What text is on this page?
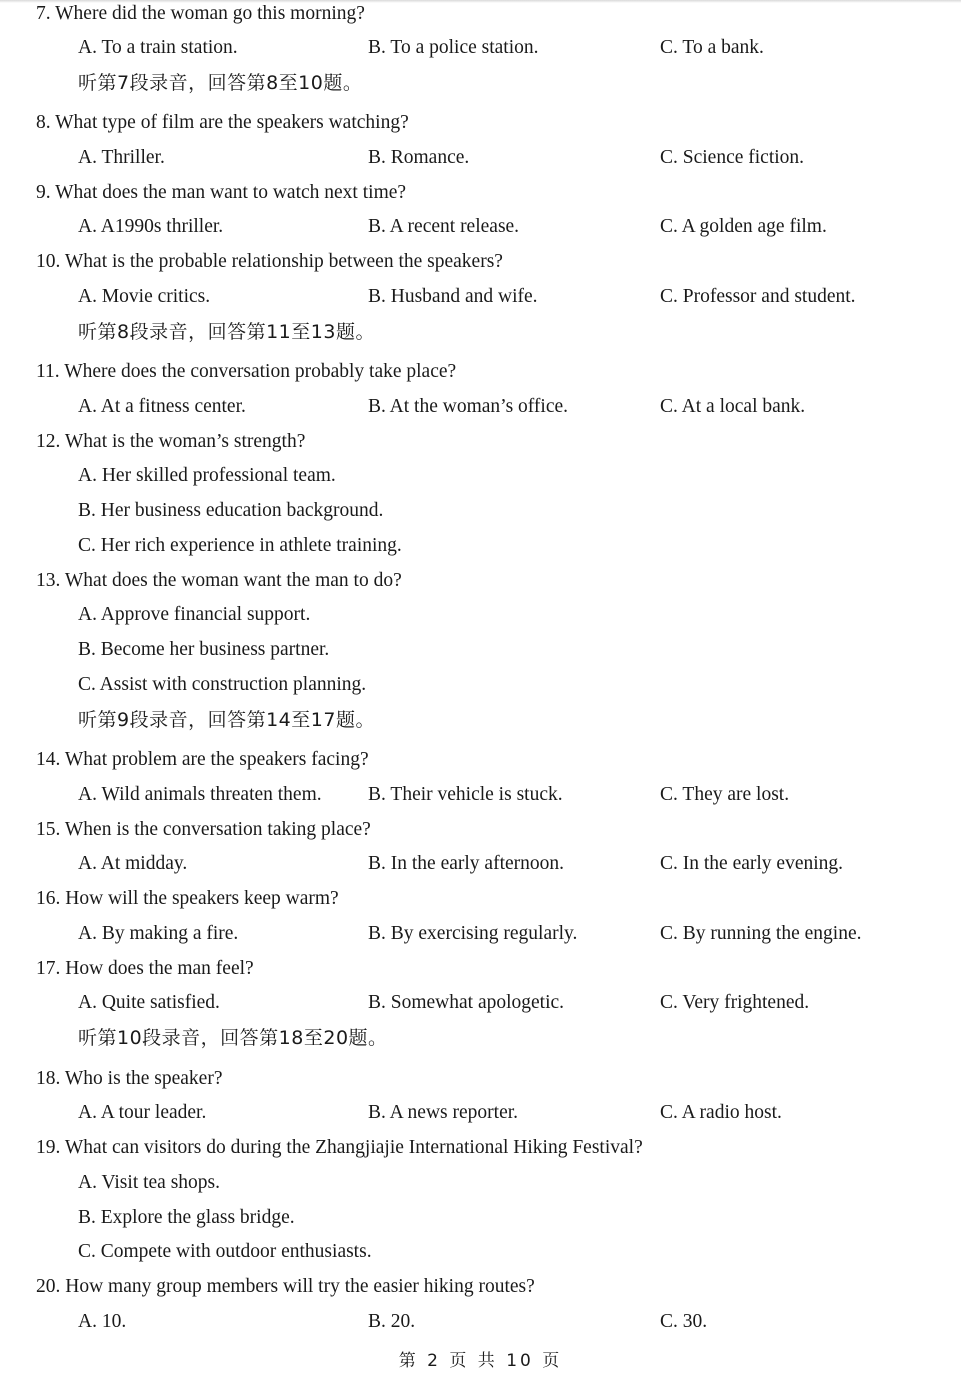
7. Where did the woman go this morning?
A. To a train station.	B. To a police station.	C. To a bank.
听第7段录音，回答第8至10题。
8. What type of film are the speakers watching?
A. Thriller.	B. Romance.	C. Science fiction.
9. What does the man want to watch next time?
A. A1990s thriller.	B. A recent release.	C. A golden age film.
10. What is the probable relationship between the speakers?
A. Movie critics.	B. Husband and wife.	C. Professor and student.
听第8段录音，回答第11至13题。
11. Where does the conversation probably take place?
A. At a fitness center.	B. At the woman’s office.	C. At a local bank.
12. What is the woman’s strength?
A. Her skilled professional team.
B. Her business education background.
C. Her rich experience in athlete training.
13. What does the woman want the man to do?
A. Approve financial support.
B. Become her business partner.
C. Assist with construction planning.
听第9段录音，回答第14至17题。
14. What problem are the speakers facing?
A. Wild animals threaten them. B. Their vehicle is stuck.	C. They are lost.
15. When is the conversation taking place?
A. At midday.	B. In the early afternoon.	C. In the early evening.
16. How will the speakers keep warm?
A. By making a fire.	B. By exercising regularly.	C. By running the engine.
17. How does the man feel?
A. Quite satisfied.	B. Somewhat apologetic.	C. Very frightened.
听第10段录音，回答第18至20题。
18. Who is the speaker?
A. A tour leader.	B. A news reporter.	C. A radio host.
19. What can visitors do during the Zhangjiajie International Hiking Festival?
A. Visit tea shops.
B. Explore the glass bridge.
C. Compete with outdoor enthusiasts.
20. How many group members will try the easier hiking routes?
A. 10.	B. 20.	C. 30.
第 2 页 共 10 页
